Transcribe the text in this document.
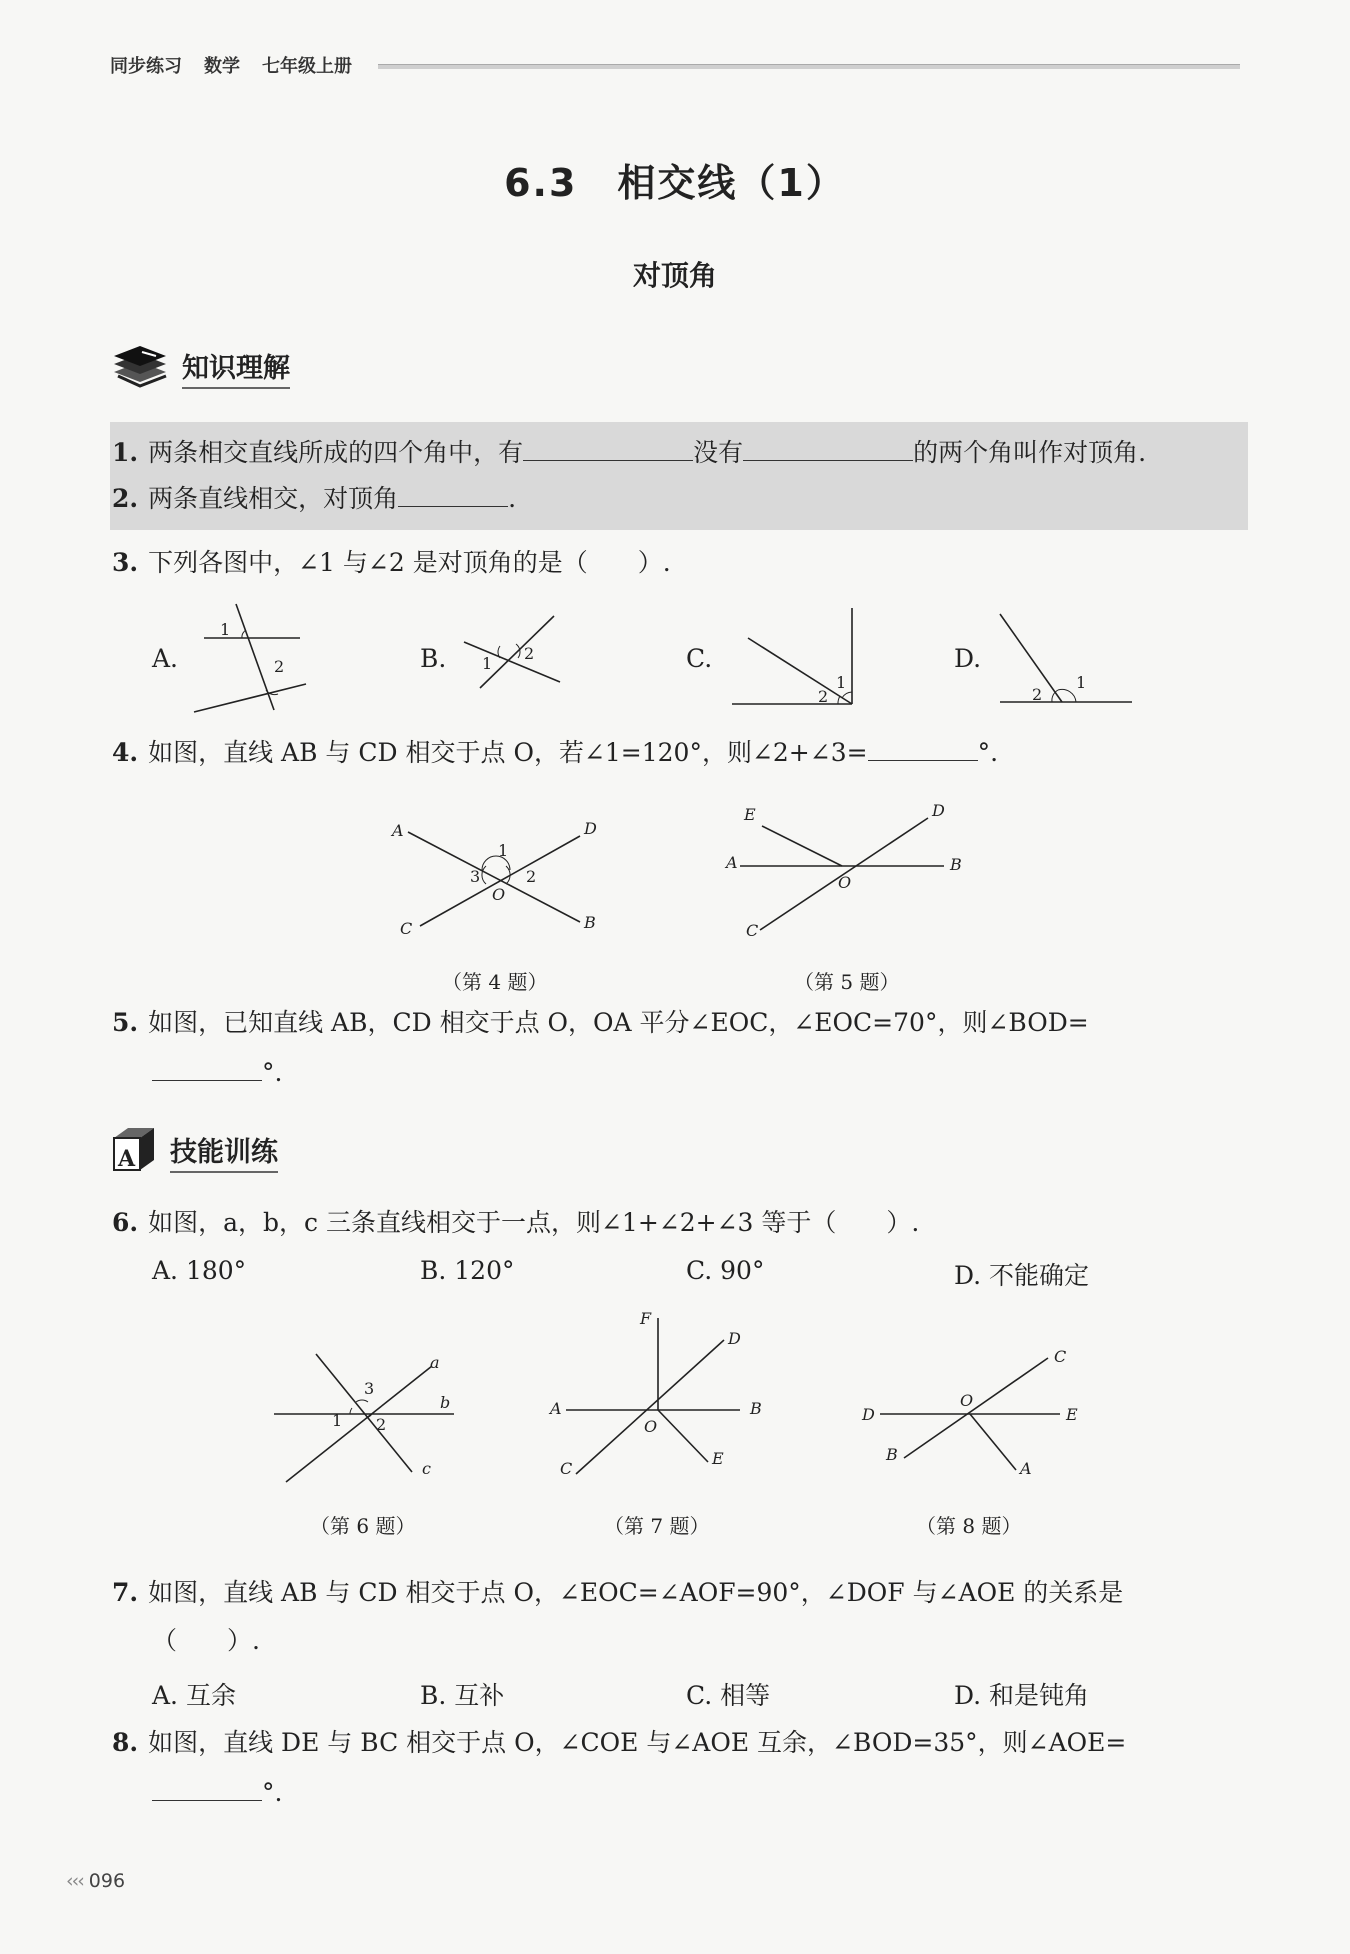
同步练习 数学 七年级上册
6.3　相交线（1）
对顶角
知识理解
1. 两条相交直线所成的四个角中，有	没有	的两个角叫作对顶角.
2. 两条直线相交，对顶角	.
3. 下列各图中，∠1 与∠2 是对顶角的是（　　）.
A.
1
2	B. 1
2	C.
2
1
D.
2
1
4. 如图，直线 AB 与 CD 相交于点 O，若∠1=120°，则∠2+∠3=	°.
A	D
1
3
O
2
C	B
（第 4 题）
E	D
A	B
O
C
（第 5 题）
5. 如图，已知直线 AB，CD 相交于点 O，OA 平分∠EOC，∠EOC=70°，则∠BOD=
°.
A 技能训练
6. 如图，a，b，c 三条直线相交于一点，则∠1+∠2+∠3 等于（　　）.
A. 180°	B. 120°	C. 90°	D. 不能确定
a
b
3
1 2
c
（第 6 题）
F
D
A	B
O
C
E
（第 7 题）
C
D
O
E
B
A
（第 8 题）
7. 如图，直线 AB 与 CD 相交于点 O，∠EOC=∠AOF=90°，∠DOF 与∠AOE 的关系是
（　　）.
A. 互余	B. 互补	C. 相等	D. 和是钝角
8. 如图，直线 DE 与 BC 相交于点 O，∠COE 与∠AOE 互余，∠BOD=35°，则∠AOE=
°.
‹‹‹ 096
